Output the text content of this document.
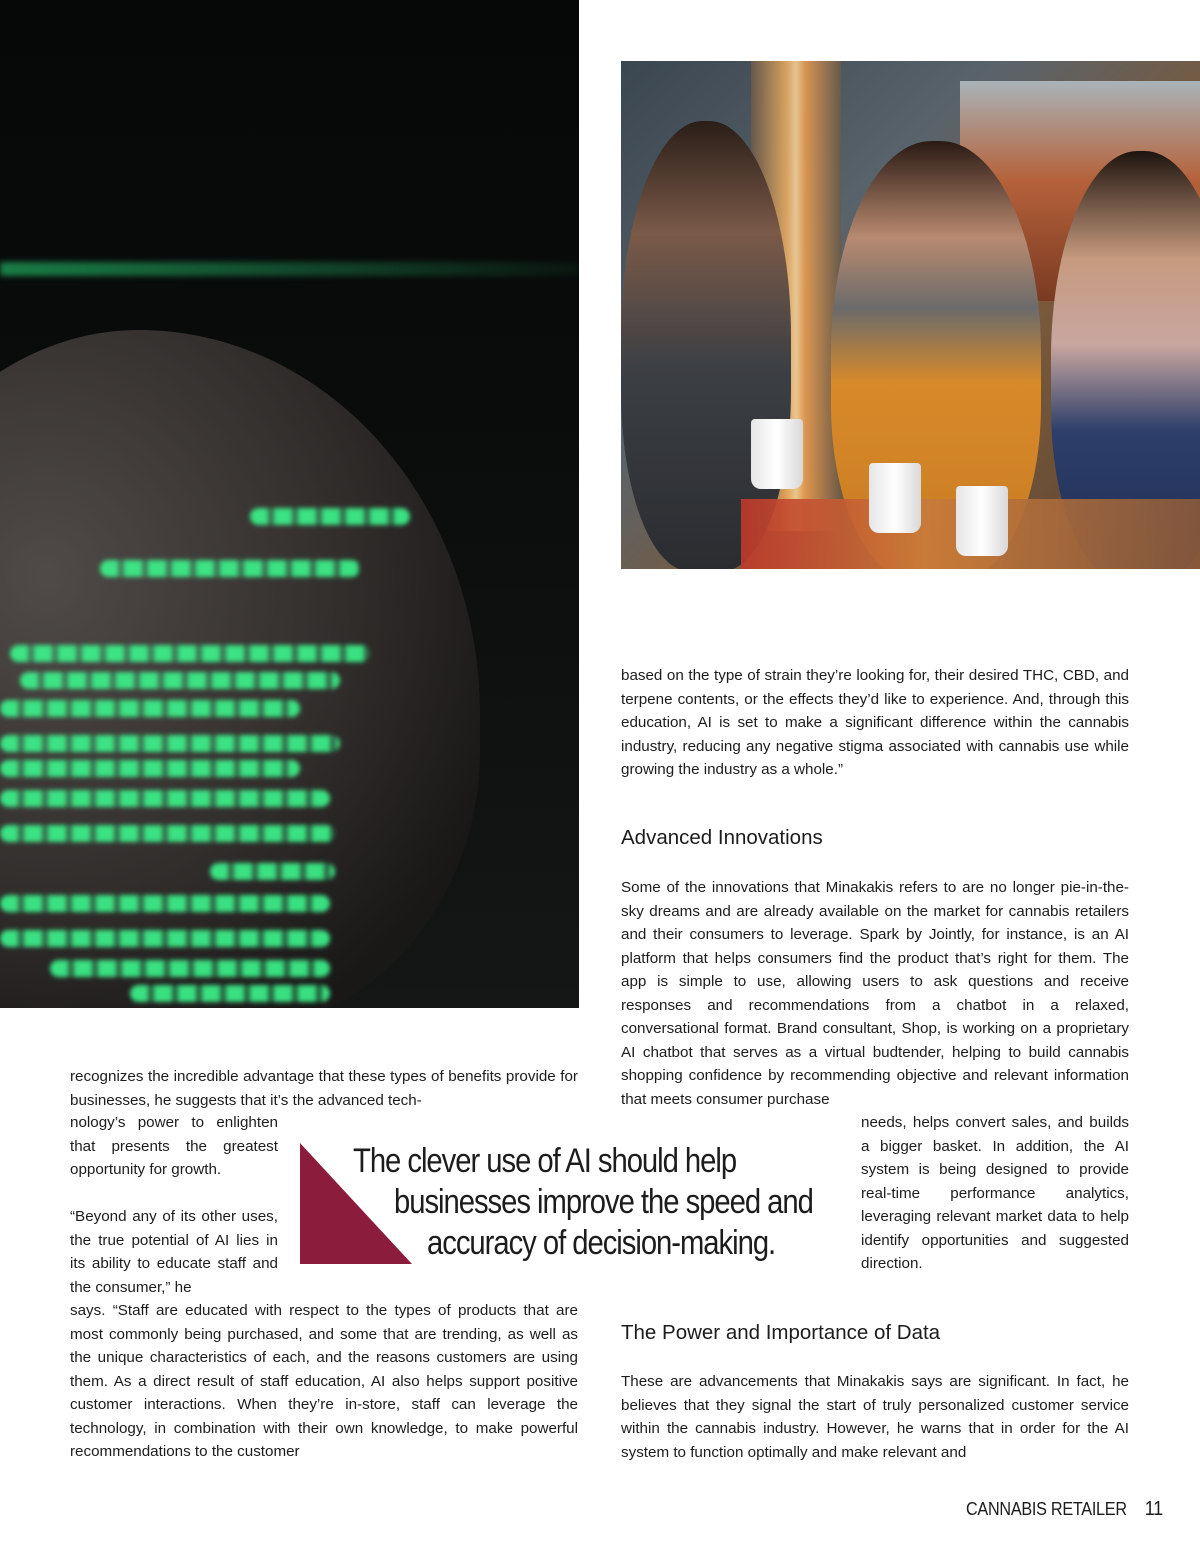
based on the type of strain they’re looking for, their desired THC, CBD, and terpene contents, or the effects they’d like to experience. And, through this education, AI is set to make a significant difference within the cannabis industry, reducing any negative stigma associated with cannabis use while growing the industry as a whole.”

Advanced Innovations

Some of the innovations that Minakakis refers to are no longer pie-in-the-sky dreams and are already available on the market for cannabis retailers and their consumers to leverage. Spark by Jointly, for instance, is an AI platform that helps consumers find the product that’s right for them. The app is simple to use, allowing users to ask questions and receive responses and recommendations from a chatbot in a relaxed, conversational format. Brand consultant, Shop, is working on a proprietary AI chatbot that serves as a virtual budtender, helping to build cannabis shopping confidence by recommending objective and relevant information that meets consumer purchase

needs, helps convert sales, and builds a bigger basket. In addition, the AI system is being designed to provide real-time performance analytics, leveraging relevant market data to help identify opportunities and suggested direction.

The Power and Importance of Data

These are advancements that Minakakis says are significant. In fact, he believes that they signal the start of truly personalized customer service within the cannabis industry. However, he warns that in order for the AI system to function optimally and make relevant and

recognizes the incredible advantage that these types of benefits provide for businesses, he suggests that it’s the advanced tech-

nology’s power to enlighten that presents the greatest opportunity for growth.

“Beyond any of its other uses, the true potential of AI lies in its ability to educate staff and the consumer,” he

says. “Staff are educated with respect to the types of products that are most commonly being purchased, and some that are trending, as well as the unique characteristics of each, and the reasons customers are using them. As a direct result of staff education, AI also helps support positive customer interactions. When they’re in-store, staff can leverage the technology, in combination with their own knowledge, to make powerful recommendations to the customer

The clever use of AI should help
businesses improve the speed and
accuracy of decision-making.
CANNABIS RETAILER 11
